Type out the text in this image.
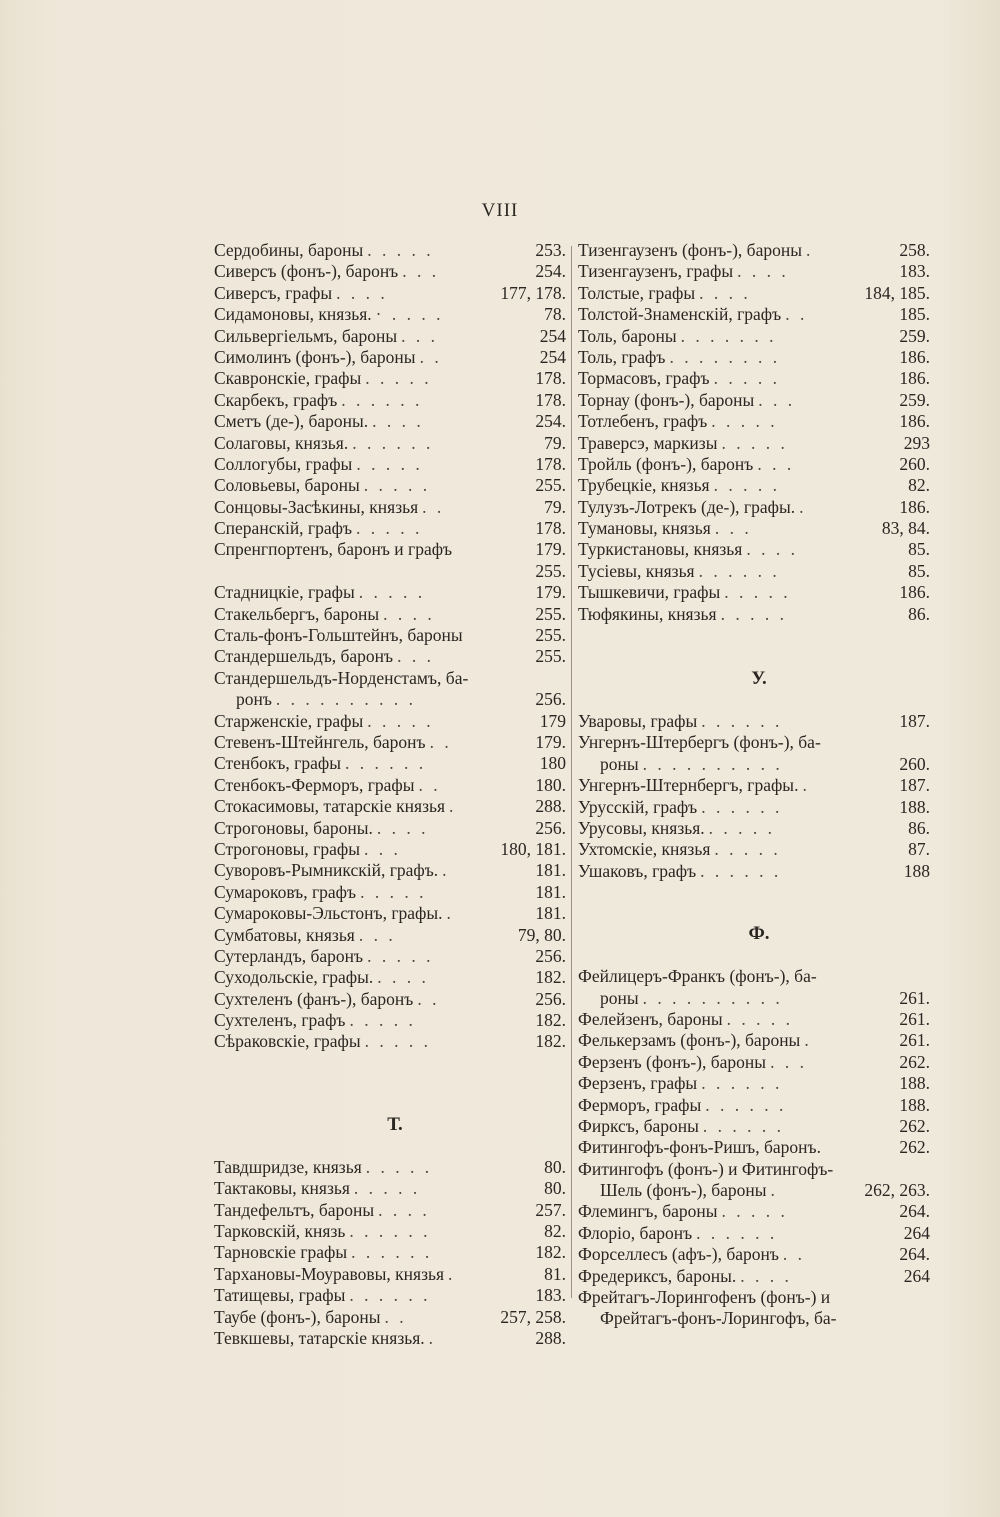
VIII
Сердобины, бароны . . . . .	253.
Сиверсъ (фонъ-), баронъ . . .	254.
Сиверсъ, графы . . . .	177, 178.
Сидамоновы, князья. · . . . .	78.
Сильвергіельмъ, бароны . . .	254
Симолинъ (фонъ-), бароны . .	254
Скавронскіе, графы . . . . .	178.
Скарбекъ, графъ . . . . . .	178.
Сметъ (де-), бароны. . . . .	254.
Солаговы, князья. . . . . . .	79.
Соллогубы, графы . . . . .	178.
Соловьевы, бароны . . . . .	255.
Сонцовы-Засѣкины, князья . .	79.
Сперанскій, графъ . . . . .	178.
Спренгпортенъ, баронъ и графъ	179.
255.
Стадницкіе, графы . . . . .	179.
Стакельбергъ, бароны . . . .	255.
Сталь-фонъ-Гольштейнъ, бароны	255.
Стандершельдъ, баронъ . . .	255.
Стандершельдъ-Норденстамъ, ба-
ронъ . . . . . . . . . .	256.
Старженскіе, графы . . . . .	179
Стевенъ-Штейнгель, баронъ . .	179.
Стенбокъ, графы . . . . . .	180
Стенбокъ-Ферморъ, графы . .	180.
Стокасимовы, татарскіе князья .	288.
Строгоновы, бароны. . . . .	256.
Строгоновы, графы . . .	180, 181.
Суворовъ-Рымникскій, графъ. .	181.
Сумароковъ, графъ . . . . .	181.
Сумароковы-Эльстонъ, графы. .	181.
Сумбатовы, князья . . .	79, 80.
Сутерландъ, баронъ . . . . .	256.
Суходольскіе, графы. . . . .	182.
Сухтеленъ (фанъ-), баронъ . .	256.
Сухтеленъ, графъ . . . . .	182.
Сѣраковскіе, графы . . . . .	182.
Т.
Тавдшридзе, князья . . . . .	80.
Тактаковы, князья . . . . .	80.
Тандефельтъ, бароны . . . .	257.
Тарковскій, князь . . . . . .	82.
Тарновскіе графы . . . . . .	182.
Тархановы-Моуравовы, князья .	81.
Татищевы, графы . . . . . .	183.
Таубе (фонъ-), бароны . .	257, 258.
Тевкшевы, татарскіе князья. .	288.
Тизенгаузенъ (фонъ-), бароны .	258.
Тизенгаузенъ, графы . . . .	183.
Толстые, графы . . . .	184, 185.
Толстой-Знаменскій, графъ . .	185.
Толь, бароны . . . . . . .	259.
Толь, графъ . . . . . . . .	186.
Тормасовъ, графъ . . . . .	186.
Торнау (фонъ-), бароны . . .	259.
Тотлебенъ, графъ . . . . .	186.
Траверсэ, маркизы . . . . .	293
Тройль (фонъ-), баронъ . . .	260.
Трубецкіе, князья . . . . .	82.
Тулузъ-Лотрекъ (де-), графы. .	186.
Тумановы, князья . . .	83, 84.
Туркистановы, князья . . . .	85.
Тусіевы, князья . . . . . .	85.
Тышкевичи, графы . . . . .	186.
Тюфякины, князья . . . . .	86.
У.
Уваровы, графы . . . . . .	187.
Унгернъ-Штербергъ (фонъ-), ба-
роны . . . . . . . . . .	260.
Унгернъ-Штернбергъ, графы. .	187.
Урусскій, графъ . . . . . .	188.
Урусовы, князья. . . . . .	86.
Ухтомскіе, князья . . . . .	87.
Ушаковъ, графъ . . . . . .	188
Ф.
Фейлицеръ-Франкъ (фонъ-), ба-
роны . . . . . . . . . .	261.
Фелейзенъ, бароны . . . . .	261.
Фелькерзамъ (фонъ-), бароны .	261.
Ферзенъ (фонъ-), бароны . . .	262.
Ферзенъ, графы . . . . . .	188.
Ферморъ, графы . . . . . .	188.
Фирксъ, бароны . . . . . .	262.
Фитингофъ-фонъ-Ришъ, баронъ.	262.
Фитингофъ (фонъ-) и Фитингофъ-
Шель (фонъ-), бароны .	262, 263.
Флемингъ, бароны . . . . .	264.
Флоріо, баронъ . . . . . .	264
Форселлесъ (афъ-), баронъ . .	264.
Фредериксъ, бароны. . . . .	264
Фрейтагъ-Лорингофенъ (фонъ-) и
Фрейтагъ-фонъ-Лорингофъ, ба-
